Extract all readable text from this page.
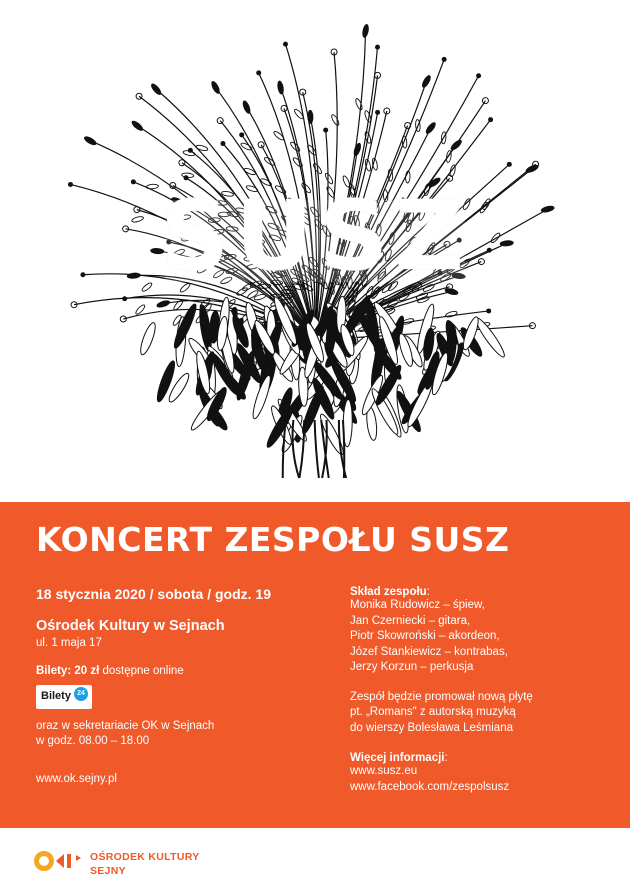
SUSZ
KONCERT ZESPOŁU SUSZ
18 stycznia 2020 / sobota / godz. 19
Ośrodek Kultury w Sejnach
ul. 1 maja 17
Bilety: 20 zł dostępne online
Bilety 24
oraz w sekretariacie OK w Sejnach
w godz. 08.00 – 18.00
www.ok.sejny.pl
Skład zespołu:
Monika Rudowicz – śpiew,
Jan Czerniecki – gitara,
Piotr Skowroński – akordeon,
Józef Stankiewicz – kontrabas,
Jerzy Korzun – perkusja
Zespół będzie promował nową płytę
pt. „Romans" z autorską muzyką
do wierszy Bolesława Leśmiana
Więcej informacji:
www.susz.eu
www.facebook.com/zespolsusz
OŚRODEK KULTURY
SEJNY
